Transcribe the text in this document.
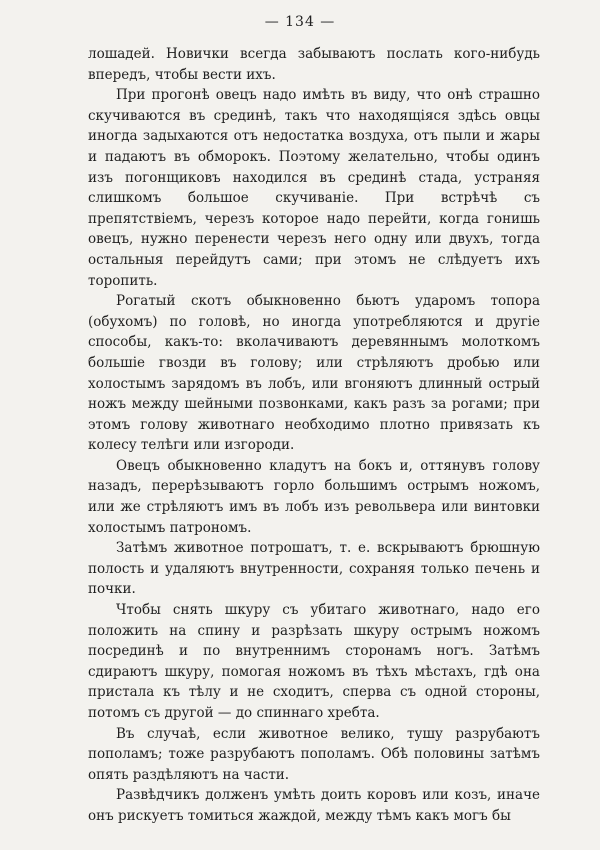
— 134 —

лошадей. Новички всегда забываютъ послать кого-нибудь впередъ, чтобы вести ихъ.

При прогонѣ овецъ надо имѣть въ виду, что онѣ страшно скучиваются въ срединѣ, такъ что находящіяся здѣсь овцы иногда задыхаются отъ недостатка воздуха, отъ пыли и жары и падаютъ въ обморокъ. Поэтому желательно, чтобы одинъ изъ погонщиковъ находился въ срединѣ стада, устраняя слишкомъ большое скучиваніе. При встрѣчѣ съ препятствіемъ, черезъ которое надо перейти, когда гонишь овецъ, нужно перенести черезъ него одну или двухъ, тогда остальныя перейдутъ сами; при этомъ не слѣдуетъ ихъ торопить.

Рогатый скотъ обыкновенно бьютъ ударомъ топора (обухомъ) по головѣ, но иногда употребляются и другіе способы, какъ-то: вколачиваютъ деревяннымъ молоткомъ большіе гвозди въ голову; или стрѣляютъ дробью или холостымъ зарядомъ въ лобъ, или вгоняютъ длинный острый ножъ между шейными позвонками, какъ разъ за рогами; при этомъ голову животнаго необходимо плотно привязать къ колесу телѣги или изгороди.

Овецъ обыкновенно кладутъ на бокъ и, оттянувъ голову назадъ, перерѣзываютъ горло большимъ острымъ ножомъ, или же стрѣляютъ имъ въ лобъ изъ револьвера или винтовки холостымъ патрономъ.

Затѣмъ животное потрошатъ, т. е. вскрываютъ брюшную полость и удаляютъ внутренности, сохраняя только печень и почки.

Чтобы снять шкуру съ убитаго животнаго, надо его положить на спину и разрѣзать шкуру острымъ ножомъ посрединѣ и по внутреннимъ сторонамъ ногъ. Затѣмъ сдираютъ шкуру, помогая ножомъ въ тѣхъ мѣстахъ, гдѣ она пристала къ тѣлу и не сходитъ, сперва съ одной стороны, потомъ съ другой — до спиннаго хребта.

Въ случаѣ, если животное велико, тушу разрубаютъ пополамъ; тоже разрубаютъ пополамъ. Обѣ половины затѣмъ опять раздѣляютъ на части.

Развѣдчикъ долженъ умѣть доить коровъ или козъ, иначе онъ рискуетъ томиться жаждой, между тѣмъ какъ могъ бы
